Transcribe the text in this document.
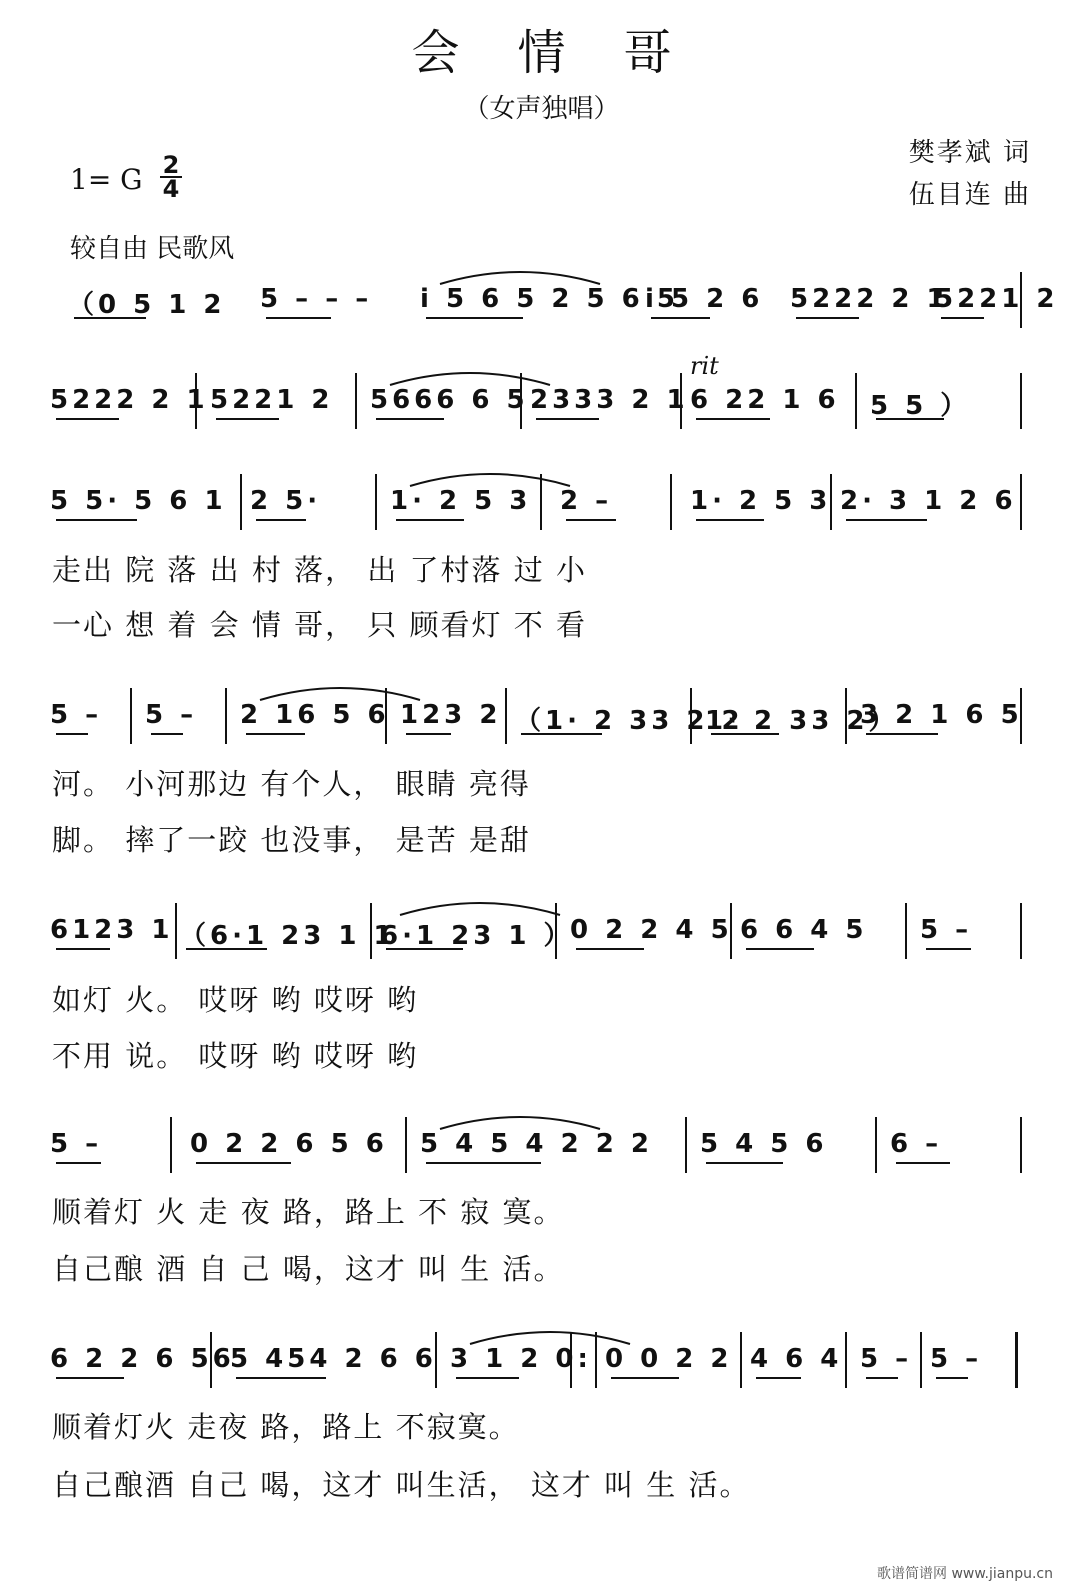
会情哥
（女声独唱）
樊孝斌 词
伍目连 曲
1= G 2
4
较自由 民歌风
rit
（0 5 1 2 5 – – – i 5 6 5 2 5 6 5
i 5 2 6 5222 2 1
5221 2
5222 2 1 5221 2 5666 6 5 2333 2 1 6 22 1 6 5 5 ）
5 5· 5 6 1 2 5·	1· 2 5 3 2 –	1· 2 5 3 2· 3 1 2 6
走出 院 落 出 村 落， 出 了村落 过 小
一心 想 着 会 情 哥， 只 顾看灯 不 看
5 – 5 – 2 16 5 6 123 2 （1· 2 33 2 2
1· 2 33 2）
3 2 1 6 5
河。 小河那边 有个人， 眼睛 亮得
脚。 摔了一跤 也没事， 是苦 是甜
6123 1 （6·1 23 1 1
6·1 23 1 ）
0 2 2 4 5 6 6 4 5 5 –
如灯 火。 哎呀 哟 哎呀 哟
不用 说。 哎呀 哟 哎呀 哟
5 –	0 2 2 6 5 6 5 4 5 4 2 2 2 5 4 5 6 6 –
顺着灯 火 走 夜 路，路上 不 寂 寞。
自己酿 酒 自 己 喝，这才 叫 生 活。
6 2 2 6 56
5 454 2 6 6 3 1 2 0: 0 0 2 2 4 6 4 5 – 5 –
顺着灯火 走夜 路，路上 不寂寞。
自己酿酒 自己 喝，这才 叫生活， 这才 叫 生 活。
歌谱简谱网 www.jianpu.cn
